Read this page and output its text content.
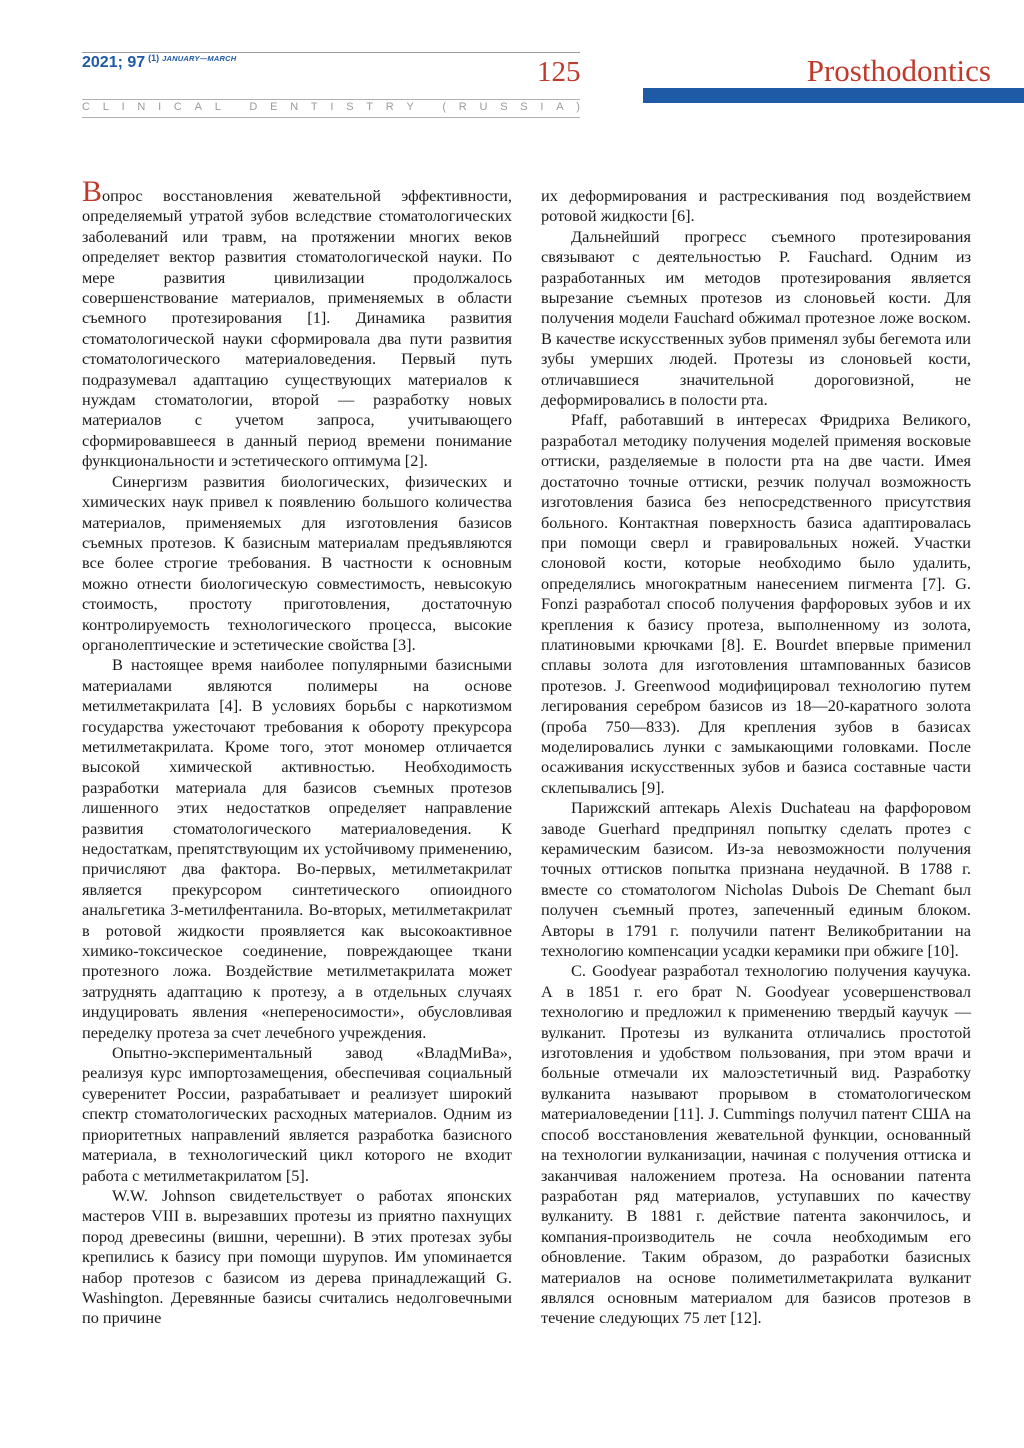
2021; 97 $^{(1)}$ $^{JANUARY—MARCH}$	125	Prosthodontics
C L I N I C A L
	D E N T I S T R Y
	( R U S S I A )

Вопрос восстановления жевательной эффективности, определяемый утратой зубов вследствие стоматологических заболеваний или травм, на протяжении многих веков определяет вектор развития стоматологической науки. По мере развития цивилизации продолжалось совершенствование материалов, применяемых в области съемного протезирования [1]. Динамика развития стоматологической науки сформировала два пути развития стоматологического материаловедения. Первый путь подразумевал адаптацию существующих материалов к нуждам стоматологии, второй — разработку новых материалов с учетом запроса, учитывающего сформировавшееся в данный период времени понимание функциональности и эстетического оптимума [2].

Синергизм развития биологических, физических и химических наук привел к появлению большого количества материалов, применяемых для изготовления базисов съемных протезов. К базисным материалам предъявляются все более строгие требования. В частности к основным можно отнести биологическую совместимость, невысокую стоимость, простоту приготовления, достаточную контролируемость технологического процесса, высокие органолептические и эстетические свойства [3].

В настоящее время наиболее популярными базисными материалами являются полимеры на основе метилметакрилата [4]. В условиях борьбы с наркотизмом государства ужесточают требования к обороту прекурсора метилметакрилата. Кроме того, этот мономер отличается высокой химической активностью. Необходимость разработки материала для базисов съемных протезов лишенного этих недостатков определяет направление развития стоматологического материаловедения. К недостаткам, препятствующим их устойчивому применению, причисляют два фактора. Во-первых, метилметакрилат является прекурсором синтетического опиоидного анальгетика 3-метилфентанила. Во-вторых, метилметакрилат в ротовой жидкости проявляется как высокоактивное химико-токсическое соединение, повреждающее ткани протезного ложа. Воздействие метилметакрилата может затруднять адаптацию к протезу, а в отдельных случаях индуцировать явления «непереносимости», обусловливая переделку протеза за счет лечебного учреждения.

Опытно-экспериментальный завод «ВладМиВа», реализуя курс импортозамещения, обеспечивая социальный суверенитет России, разрабатывает и реализует широкий спектр стоматологических расходных материалов. Одним из приоритетных направлений является разработка базисного материала, в технологический цикл которого не входит работа с метилметакрилатом [5].

W.W. Johnson свидетельствует о работах японских мастеров VIII в. вырезавших протезы из приятно пахнущих пород древесины (вишни, черешни). В этих протезах зубы крепились к базису при помощи шурупов. Им упоминается набор протезов с базисом из дерева принадлежащий G. Washington. Деревянные базисы считались недолговечными по причине

их деформирования и растрескивания под воздействием ротовой жидкости [6].

Дальнейший прогресс съемного протезирования связывают с деятельностью P. Fauchard. Одним из разработанных им методов протезирования является вырезание съемных протезов из слоновьей кости. Для получения модели Fauchard обжимал протезное ложе воском. В качестве искусственных зубов применял зубы бегемота или зубы умерших людей. Протезы из слоновьей кости, отличавшиеся значительной дороговизной, не деформировались в полости рта.

Pfaff, работавший в интересах Фридриха Великого, разработал методику получения моделей применяя восковые оттиски, разделяемые в полости рта на две части. Имея достаточно точные оттиски, резчик получал возможность изготовления базиса без непосредственного присутствия больного. Контактная поверхность базиса адаптировалась при помощи сверл и гравировальных ножей. Участки слоновой кости, которые необходимо было удалить, определялись многократным нанесением пигмента [7]. G. Fonzi разработал способ получения фарфоровых зубов и их крепления к базису протеза, выполненному из золота, платиновыми крючками [8]. E. Bourdet впервые применил сплавы золота для изготовления штампованных базисов протезов. J. Greenwood модифицировал технологию путем легирования серебром базисов из 18—20-каратного золота (проба 750—833). Для крепления зубов в базисах моделировались лунки с замыкающими головками. После осаживания искусственных зубов и базиса составные части склепывались [9].

Парижский аптекарь Alexis Duchateau на фарфоровом заводе Guerhard предпринял попытку сделать протез с керамическим базисом. Из-за невозможности получения точных оттисков попытка признана неудачной. В 1788 г. вместе со стоматологом Nicholas Dubois De Chemant был получен съемный протез, запеченный единым блоком. Авторы в 1791 г. получили патент Великобритании на технологию компенсации усадки керамики при обжиге [10].

C. Goodyear разработал технологию получения каучука. А в 1851 г. его брат N. Goodyear усовершенствовал технологию и предложил к применению твердый каучук — вулканит. Протезы из вулканита отличались простотой изготовления и удобством пользования, при этом врачи и больные отмечали их малоэстетичный вид. Разработку вулканита называют прорывом в стоматологическом материаловедении [11]. J. Cummings получил патент США на способ восстановления жевательной функции, основанный на технологии вулканизации, начиная с получения оттиска и заканчивая наложением протеза. На основании патента разработан ряд материалов, уступавших по качеству вулканиту. В 1881 г. действие патента закончилось, и компания-производитель не сочла необходимым его обновление. Таким образом, до разработки базисных материалов на основе полиметилметакрилата вулканит являлся основным материалом для базисов протезов в течение следующих 75 лет [12].
